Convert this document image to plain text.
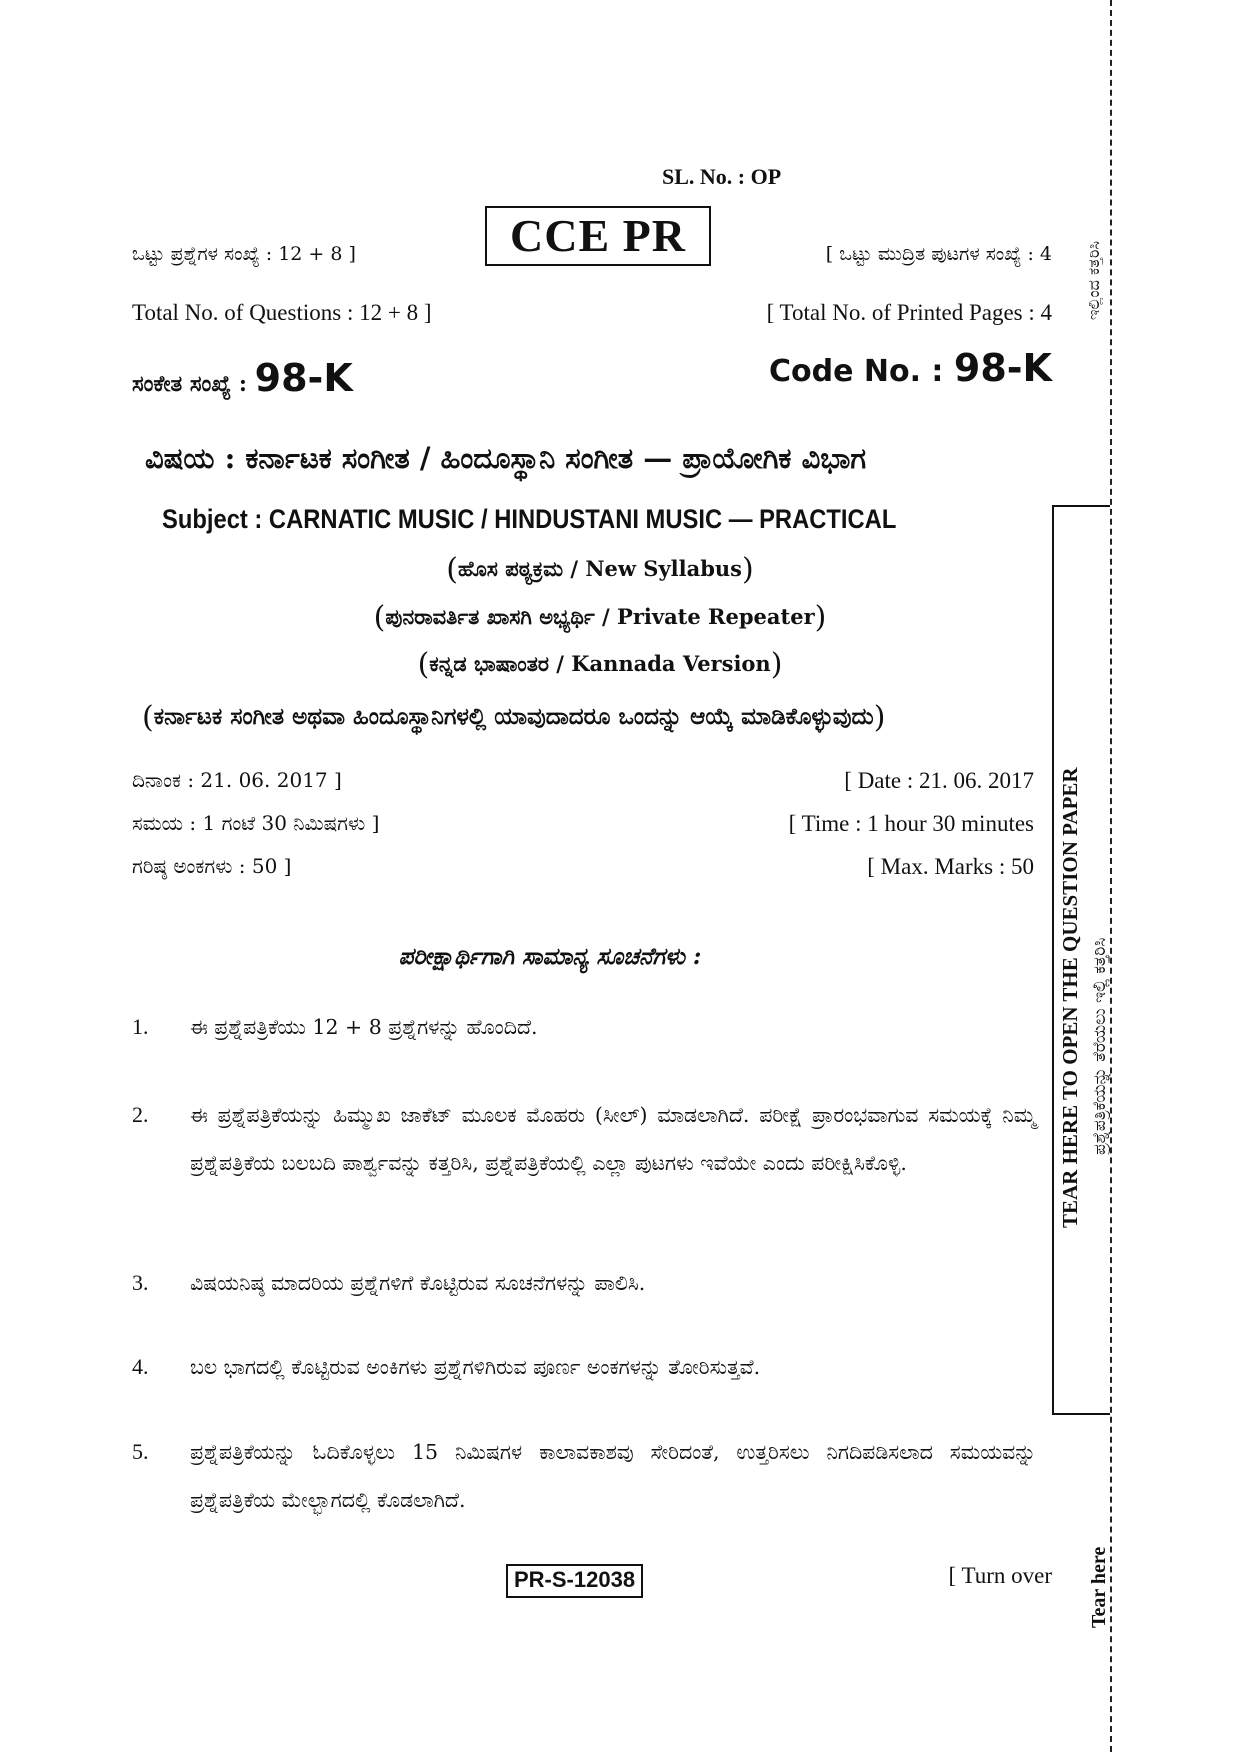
SL. No. : OP
CCE PR
ಒಟ್ಟು ಪ್ರಶ್ನೆಗಳ ಸಂಖ್ಯೆ : 12 + 8 ]	[ ಒಟ್ಟು ಮುದ್ರಿತ ಪುಟಗಳ ಸಂಖ್ಯೆ : 4
Total No. of Questions : 12 + 8 ]	[ Total No. of Printed Pages : 4
ಸಂಕೇತ ಸಂಖ್ಯೆ : 98-K	Code No. : 98-K
ವಿಷಯ : ಕರ್ನಾಟಕ ಸಂಗೀತ / ಹಿಂದೂಸ್ಥಾನಿ ಸಂಗೀತ — ಪ್ರಾಯೋಗಿಕ ವಿಭಾಗ
Subject : CARNATIC MUSIC / HINDUSTANI MUSIC — PRACTICAL
(ಹೊಸ ಪಠ್ಯಕ್ರಮ / New Syllabus)
(ಪುನರಾವರ್ತಿತ ಖಾಸಗಿ ಅಭ್ಯರ್ಥಿ / Private Repeater)
(ಕನ್ನಡ ಭಾಷಾಂತರ / Kannada Version)
(ಕರ್ನಾಟಕ ಸಂಗೀತ ಅಥವಾ ಹಿಂದೂಸ್ಥಾನಿಗಳಲ್ಲಿ ಯಾವುದಾದರೂ ಒಂದನ್ನು ಆಯ್ಕೆ ಮಾಡಿಕೊಳ್ಳುವುದು)
ದಿನಾಂಕ : 21. 06. 2017 ]	[ Date : 21. 06. 2017
ಸಮಯ : 1 ಗಂಟೆ 30 ನಿಮಿಷಗಳು ]	[ Time : 1 hour 30 minutes
ಗರಿಷ್ಠ ಅಂಕಗಳು : 50 ]	[ Max. Marks : 50
ಪರೀಕ್ಷಾರ್ಥಿಗಾಗಿ ಸಾಮಾನ್ಯ ಸೂಚನೆಗಳು :
1. ಈ ಪ್ರಶ್ನೆಪತ್ರಿಕೆಯು 12 + 8 ಪ್ರಶ್ನೆಗಳನ್ನು ಹೊಂದಿದೆ.
2. ಈ ಪ್ರಶ್ನೆಪತ್ರಿಕೆಯನ್ನು ಹಿಮ್ಮುಖ ಜಾಕೆಟ್ ಮೂಲಕ ಮೊಹರು (ಸೀಲ್) ಮಾಡಲಾಗಿದೆ. ಪರೀಕ್ಷೆ ಪ್ರಾರಂಭವಾಗುವ ಸಮಯಕ್ಕೆ ನಿಮ್ಮ ಪ್ರಶ್ನೆಪತ್ರಿಕೆಯ ಬಲಬದಿ ಪಾರ್ಶ್ವವನ್ನು ಕತ್ತರಿಸಿ, ಪ್ರಶ್ನೆಪತ್ರಿಕೆಯಲ್ಲಿ ಎಲ್ಲಾ ಪುಟಗಳು ಇವೆಯೇ ಎಂದು ಪರೀಕ್ಷಿಸಿಕೊಳ್ಳಿ.
3. ವಿಷಯನಿಷ್ಠ ಮಾದರಿಯ ಪ್ರಶ್ನೆಗಳಿಗೆ ಕೊಟ್ಟಿರುವ ಸೂಚನೆಗಳನ್ನು ಪಾಲಿಸಿ.
4. ಬಲ ಭಾಗದಲ್ಲಿ ಕೊಟ್ಟಿರುವ ಅಂಕಿಗಳು ಪ್ರಶ್ನೆಗಳಿಗಿರುವ ಪೂರ್ಣ ಅಂಕಗಳನ್ನು ತೋರಿಸುತ್ತವೆ.
5. ಪ್ರಶ್ನೆಪತ್ರಿಕೆಯನ್ನು ಓದಿಕೊಳ್ಳಲು 15 ನಿಮಿಷಗಳ ಕಾಲಾವಕಾಶವು ಸೇರಿದಂತೆ, ಉತ್ತರಿಸಲು ನಿಗದಿಪಡಿಸಲಾದ ಸಮಯವನ್ನು ಪ್ರಶ್ನೆಪತ್ರಿಕೆಯ ಮೇಲ್ಭಾಗದಲ್ಲಿ ಕೊಡಲಾಗಿದೆ.
PR-S-12038	[ Turn over
ಇಲ್ಲಿಂದ ಕತ್ತರಿಸಿ
TEAR HERE TO OPEN THE QUESTION PAPER ಪ್ರಶ್ನೆಪತ್ರಿಕೆಯನ್ನು ತೆರೆಯಲು ಇಲ್ಲಿ ಕತ್ತರಿಸಿ
Tear here
